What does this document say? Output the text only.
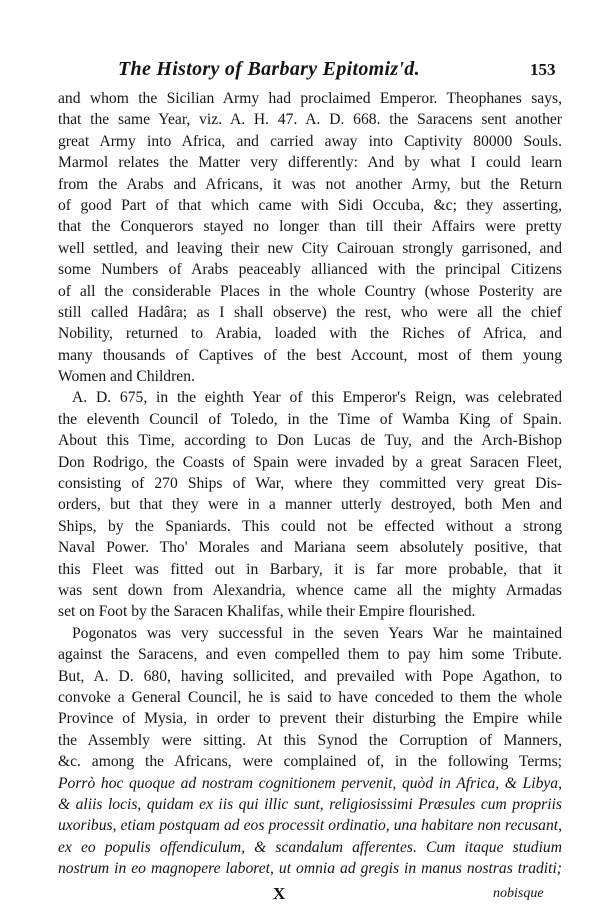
The History of Barbary Epitomiz'd.	153
and whom the Sicilian Army had proclaimed Emperor. Theophanes says,
that the same Year, viz. A. H. 47. A. D. 668. the Saracens sent another
great Army into Africa, and carried away into Captivity 80000 Souls.
Marmol relates the Matter very differently: And by what I could learn
from the Arabs and Africans, it was not another Army, but the Return
of good Part of that which came with Sidi Occuba, &c; they asserting,
that the Conquerors stayed no longer than till their Affairs were pretty
well settled, and leaving their new City Cairouan strongly garrisoned, and
some Numbers of Arabs peaceably allianced with the principal Citizens
of all the considerable Places in the whole Country (whose Posterity are
still called Hadâra; as I shall observe) the rest, who were all the chief
Nobility, returned to Arabia, loaded with the Riches of Africa, and
many thousands of Captives of the best Account, most of them young
Women and Children.
A. D. 675, in the eighth Year of this Emperor's Reign, was celebrated
the eleventh Council of Toledo, in the Time of Wamba King of Spain.
About this Time, according to Don Lucas de Tuy, and the Arch-Bishop
Don Rodrigo, the Coasts of Spain were invaded by a great Saracen Fleet,
consisting of 270 Ships of War, where they committed very great Dis-
orders, but that they were in a manner utterly destroyed, both Men and
Ships, by the Spaniards. This could not be effected without a strong
Naval Power. Tho' Morales and Mariana seem absolutely positive, that
this Fleet was fitted out in Barbary, it is far more probable, that it
was sent down from Alexandria, whence came all the mighty Armadas
set on Foot by the Saracen Khalifas, while their Empire flourished.
Pogonatos was very successful in the seven Years War he maintained
against the Saracens, and even compelled them to pay him some Tribute.
But, A. D. 680, having sollicited, and prevailed with Pope Agathon, to
convoke a General Council, he is said to have conceded to them the whole
Province of Mysia, in order to prevent their disturbing the Empire while
the Assembly were sitting. At this Synod the Corruption of Manners,
&c. among the Africans, were complained of, in the following Terms;
Porrò hoc quoque ad nostram cognitionem pervenit, quòd in Africa, & Libya,
& aliis locis, quidam ex iis qui illic sunt, religiosissimi Præsules cum propriis
uxoribus, etiam postquam ad eos processit ordinatio, una habitare non recusant,
ex eo populis offendiculum, & scandalum afferentes. Cum itaque studium
nostrum in eo magnopere laboret, ut omnia ad gregis in manus nostras traditi;
X	nobisque
